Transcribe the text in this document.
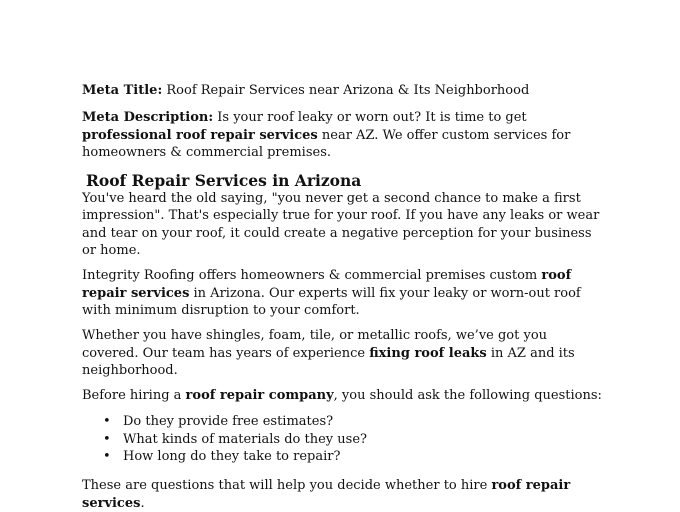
Meta Title: Roof Repair Services near Arizona & Its Neighborhood

Meta Description: Is your roof leaky or worn out? It is time to get professional roof repair services near AZ. We offer custom services for homeowners & commercial premises.

Roof Repair Services in Arizona

You've heard the old saying, "you never get a second chance to make a first impression". That's especially true for your roof. If you have any leaks or wear and tear on your roof, it could create a negative perception for your business or home.

Integrity Roofing offers homeowners & commercial premises custom roof repair services in Arizona. Our experts will fix your leaky or worn-out roof with minimum disruption to your comfort.

Whether you have shingles, foam, tile, or metallic roofs, we’ve got you covered. Our team has years of experience fixing roof leaks in AZ and its neighborhood.

Before hiring a roof repair company, you should ask the following questions:

• Do they provide free estimates?
• What kinds of materials do they use?
• How long do they take to repair?

These are questions that will help you decide whether to hire roof repair services.
